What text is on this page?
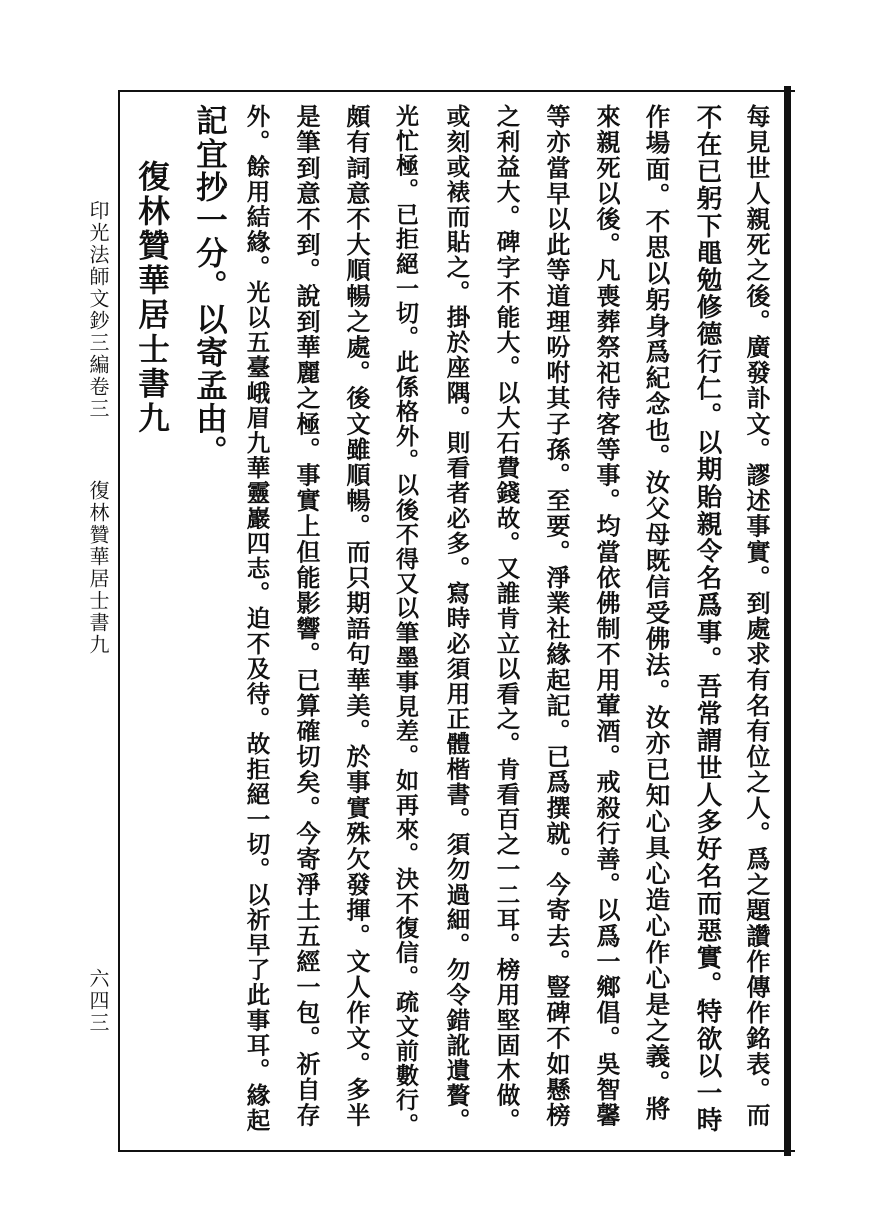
印光法師文鈔三編卷三
復林贊華居士書九
六四三
復林贊華居士書九	每見世人親死之後。廣發訃文。謬述事實。到處求有名有位之人。爲之題讚作傳作銘表。而
不在已躬下黽勉修德行仁。以期貽親令名爲事。吾常謂世人多好名而惡實。特欲以一時
作場面。不思以躬身爲紀念也。汝父母既信受佛法。汝亦已知心具心造心作心是之義。將
來親死以後。凡喪葬祭祀待客等事。均當依佛制不用葷酒。戒殺行善。以爲一鄉倡。吳智馨
等亦當早以此等道理吩咐其子孫。至要。淨業社緣起記。已爲撰就。今寄去。豎碑不如懸榜
之利益大。碑字不能大。以大石費錢故。又誰肯立以看之。肯看百之一二耳。榜用堅固木做。
或刻或裱而貼之。掛於座隅。則看者必多。寫時必須用正體楷書。須勿過細。勿令錯訛遺贅。
光忙極。已拒絕一切。此係格外。以後不得又以筆墨事見差。如再來。決不復信。疏文前數行。
頗有詞意不大順暢之處。後文雖順暢。而只期語句華美。於事實殊欠發揮。文人作文。多半
是筆到意不到。說到華麗之極。事實上但能影響。已算確切矣。今寄淨土五經一包。祈自存
外。餘用結緣。光以五臺峨眉九華靈巖四志。迫不及待。故拒絕一切。以祈早了此事耳。緣起
記宜抄一分。以寄孟由。
